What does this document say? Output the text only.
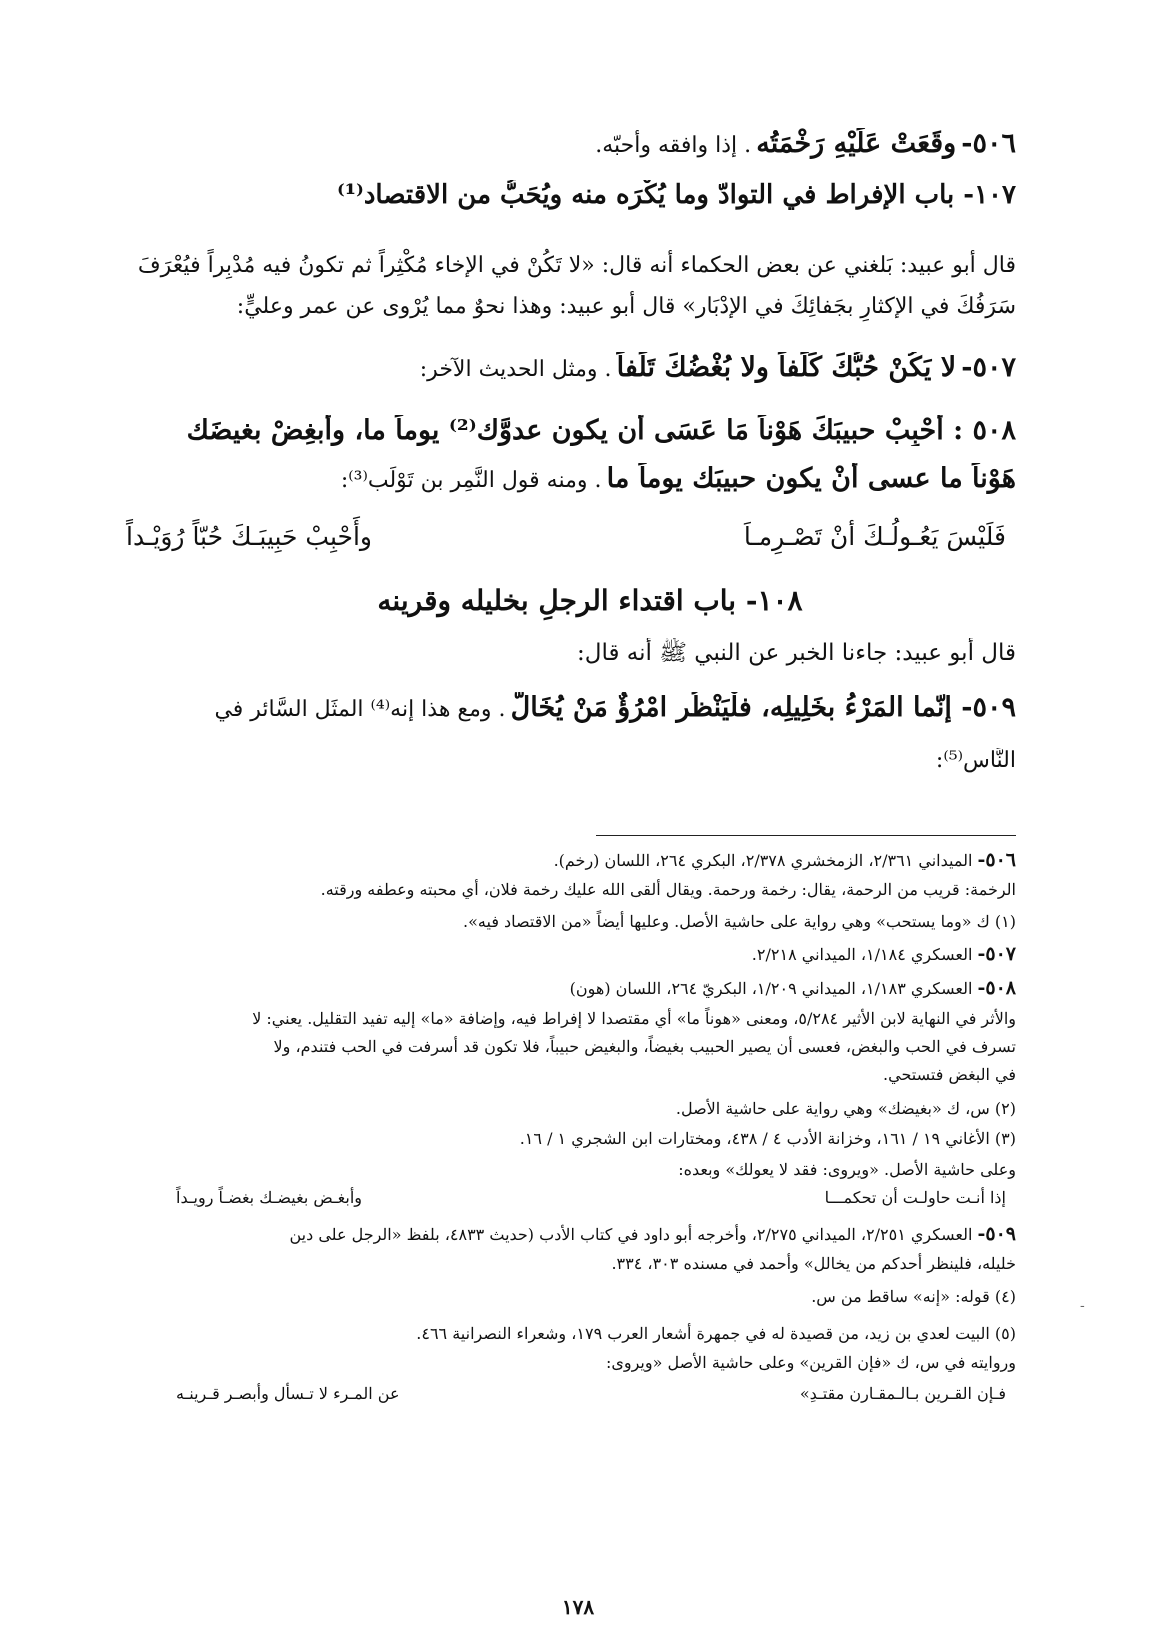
٥٠٦- وقَعَتْ عَلَيْهِ رَخْمَتُه . إذا وافقه وأحبّه.
١٠٧- باب الإفراط في التوادّ وما يُكْرَه منه ويُحَبُّ من الاقتصاد⁽¹⁾
قال أبو عبيد: بَلغني عن بعض الحكماء أنه قال: «لا تَكُنْ في الإخاء مُكْثِراً ثم تكونُ فيه مُدْبِراً فيُعْرَفَ سَرَفُكَ في الإكثارِ بجَفائِكَ في الإدْبَار» قال أبو عبيد: وهذا نحوٌ مما يُرْوى عن عمر وعليٍّ:
٥٠٧- لا يَكُنْ حُبُّكَ كَلَفاً ولا بُغْضُكَ تَلَفاً . ومثل الحديث الآخر:
٥٠٨ : أَحْبِبْ حبيبَكَ هَوْناً مَا عَسَى أن يكون عدوَّك⁽²⁾ يوماً ما، وأبغِضْ بغيضَك
هَوْناً ما عسى أنْ يكون حبيبَك يوماً ما . ومنه قول النَّمِر بن تَوْلَب⁽³⁾:
وأَحْبِبْ حَبِيبَـكَ حُبّاً رُوَيْـداً	فَلَيْسَ يَعُـولُـكَ أنْ تَصْـرِمـاَ
١٠٨- باب اقتداء الرجلِ بخليله وقرينه
قال أبو عبيد: جاءنا الخبر عن النبي ﷺ أنه قال:
٥٠٩- إنّما المَرْءُ بخَلِيلِه، فلْيَنْظُر امْرُؤٌ مَنْ يُخَالُّ . ومع هذا إنه⁽⁴⁾ المثَل السَّائر في
النَّاس⁽⁵⁾:
٥٠٦- الميداني ٢/٣٦١، الزمخشري ٢/٣٧٨، البكري ٢٦٤، اللسان (رخم).
الرخمة: قريب من الرحمة، يقال: رخمة ورحمة. ويقال ألقى الله عليك رخمة فلان، أي محبته وعطفه ورقته.
(١) ك «وما يستحب» وهي رواية على حاشية الأصل. وعليها أيضاً «من الاقتصاد فيه».
٥٠٧- العسكري ١/١٨٤، الميداني ٢/٢١٨.
٥٠٨- العسكري ١/١٨٣، الميداني ١/٢٠٩، البكريّ ٢٦٤، اللسان (هون)
والأثر في النهاية لابن الأثير ٥/٢٨٤، ومعنى «هوناً ما» أي مقتصدا لا إفراط فيه، وإضافة «ما» إليه تفيد التقليل. يعني: لا
تسرف في الحب والبغض، فعسى أن يصير الحبيب بغيضاً، والبغيض حبيباً، فلا تكون قد أسرفت في الحب فتندم، ولا
في البغض فتستحي.
(٢) س، ك «بغيضك» وهي رواية على حاشية الأصل.
(٣) الأغاني ١٩ / ١٦١، وخزانة الأدب ٤ / ٤٣٨، ومختارات ابن الشجري ١ / ١٦.
وعلى حاشية الأصل. «ويروى: فقد لا يعولك» وبعده:
وأبغـض بغيضـك بغضـاً رويـداً	إذا أنـت حاولـت أن تحكمـــا
٥٠٩- العسكري ٢/٢٥١، الميداني ٢/٢٧٥، وأخرجه أبو داود في كتاب الأدب (حديث ٤٨٣٣، بلفظ «الرجل على دين
خليله، فلينظر أحدكم من يخالل» وأحمد في مسنده ٣٠٣، ٣٣٤.
(٤) قوله: «إنه» ساقط من س.	-
(٥) البيت لعدي بن زيد، من قصيدة له في جمهرة أشعار العرب ١٧٩، وشعراء النصرانية ٤٦٦.
وروايته في س، ك «فإن القرين» وعلى حاشية الأصل «ويروى:
عن المـرء لا تـسأل وأبصـر قـرينـه	فـإن القـرين بـالـمقـارن مقتـدِ»
١٧٨
